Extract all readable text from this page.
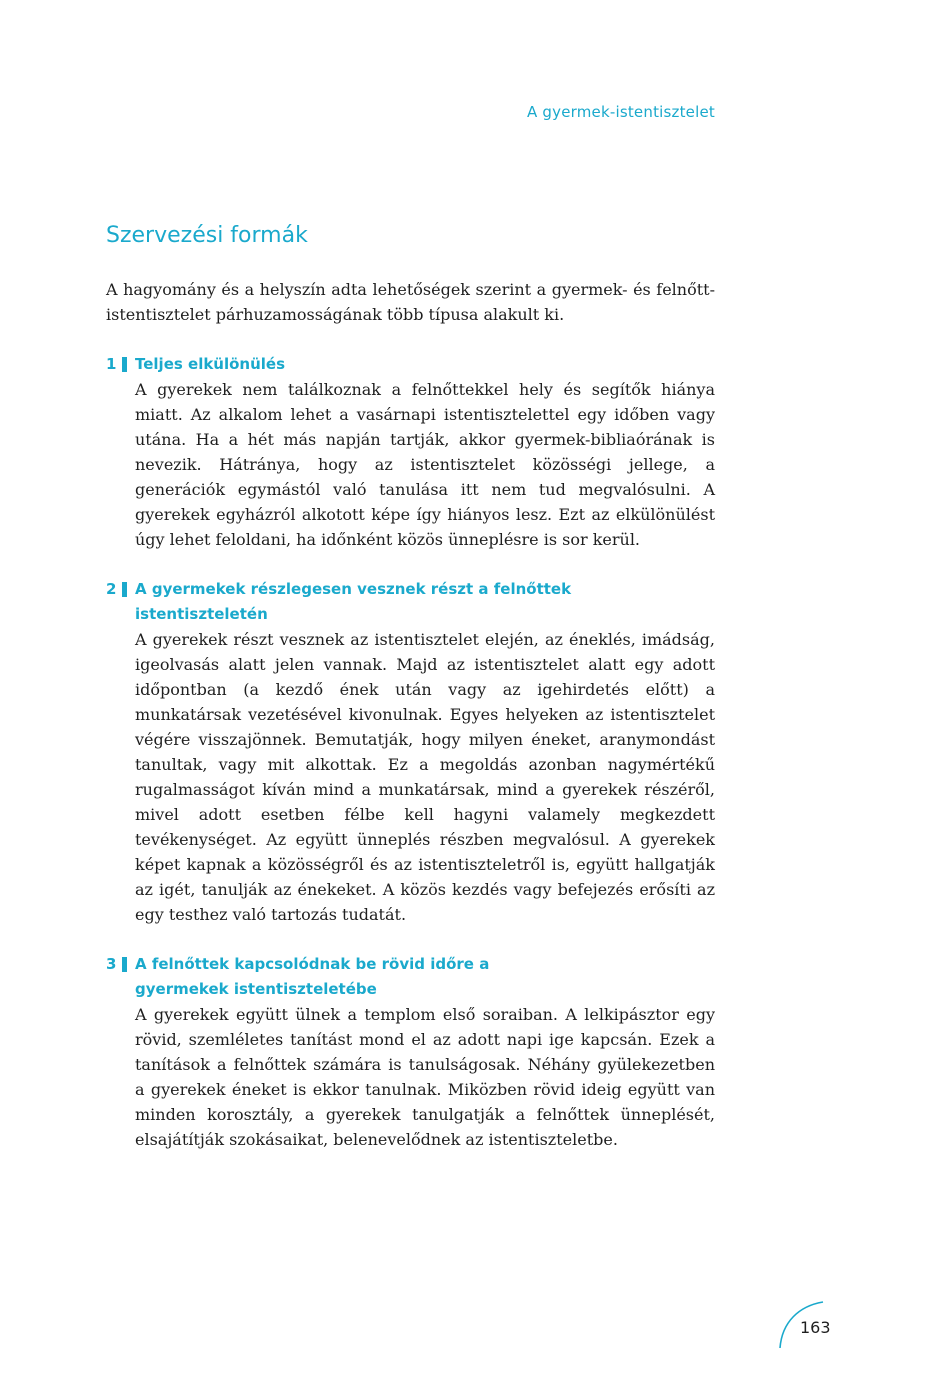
A gyermek-istentisztelet
Szervezési formák

A hagyomány és a helyszín adta lehetőségek szerint a gyermek- és felnőtt-istentisztelet párhuzamosságának több típusa alakult ki.

1	Teljes elkülönülés

A gyerekek nem találkoznak a felnőttekkel hely és segítők hiánya miatt. Az alkalom lehet a vasárnapi istentisztelettel egy időben vagy utána. Ha a hét más napján tartják, akkor gyermek-bibliaórának is nevezik. Hátránya, hogy az istentisztelet közösségi jellege, a generációk egymástól való tanulása itt nem tud megvalósulni. A gyerekek egyházról alkotott képe így hiányos lesz. Ezt az elkülönülést úgy lehet feloldani, ha időnként közös ünneplésre is sor kerül.

2	A gyermekek részlegesen vesznek részt a felnőttek istentiszteletén

A gyerekek részt vesznek az istentisztelet elején, az éneklés, imádság, igeolvasás alatt jelen vannak. Majd az istentisztelet alatt egy adott időpontban (a kezdő ének után vagy az igehirdetés előtt) a munkatársak vezetésével kivonulnak. Egyes helyeken az istentisztelet végére visszajönnek. Bemutatják, hogy milyen éneket, aranymondást tanultak, vagy mit alkottak. Ez a megoldás azonban nagymértékű rugalmasságot kíván mind a munkatársak, mind a gyerekek részéről, mivel adott esetben félbe kell hagyni valamely megkezdett tevékenységet. Az együtt ünneplés részben megvalósul. A gyerekek képet kapnak a közösségről és az istentiszteletről is, együtt hallgatják az igét, tanulják az énekeket. A közös kezdés vagy befejezés erősíti az egy testhez való tartozás tudatát.

3	A felnőttek kapcsolódnak be rövid időre a gyermekek istentiszteletébe

A gyerekek együtt ülnek a templom első soraiban. A lelkipásztor egy rövid, szemléletes tanítást mond el az adott napi ige kapcsán. Ezek a tanítások a felnőttek számára is tanulságosak. Néhány gyülekezetben a gyerekek éneket is ekkor tanulnak. Miközben rövid ideig együtt van minden korosztály, a gyerekek tanulgatják a felnőttek ünneplését, elsajátítják szokásaikat, belenevelődnek az istentiszteletbe.

163
